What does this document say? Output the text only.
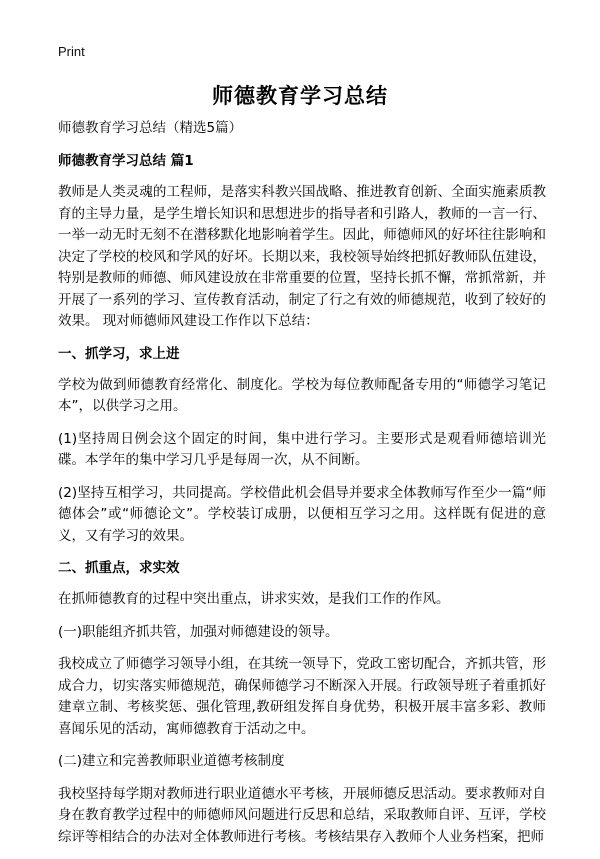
Print
师德教育学习总结
师德教育学习总结（精选5篇）
师德教育学习总结 篇1
教师是人类灵魂的工程师，是落实科教兴国战略、推进教育创新、全面实施素质教育的主导力量，是学生增长知识和思想进步的指导者和引路人，教师的一言一行、一举一动无时无刻不在潜移默化地影响着学生。因此，师德师风的好坏往往影响和决定了学校的校风和学风的好坏。长期以来，我校领导始终把抓好教师队伍建设，特别是教师的师德、师风建设放在非常重要的位置，坚持长抓不懈，常抓常新，并开展了一系列的学习、宣传教育活动，制定了行之有效的师德规范，收到了较好的效果。 现对师德师风建设工作作以下总结：
一、抓学习，求上进
学校为做到师德教育经常化、制度化。学校为每位教师配备专用的“师德学习笔记本”，以供学习之用。
(1)坚持周日例会这个固定的时间，集中进行学习。主要形式是观看师德培训光碟。本学年的集中学习几乎是每周一次，从不间断。
(2)坚持互相学习，共同提高。学校借此机会倡导并要求全体教师写作至少一篇“师德体会”或“师德论文”。学校装订成册，以便相互学习之用。这样既有促进的意义，又有学习的效果。
二、抓重点，求实效
在抓师德教育的过程中突出重点，讲求实效，是我们工作的作风。
(一)职能组齐抓共管，加强对师德建设的领导。
我校成立了师德学习领导小组，在其统一领导下，党政工密切配合，齐抓共管，形成合力，切实落实师德规范，确保师德学习不断深入开展。行政领导班子着重抓好建章立制、考核奖惩、强化管理,教研组发挥自身优势，积极开展丰富多彩、教师喜闻乐见的活动，寓师德教育于活动之中。
(二)建立和完善教师职业道德考核制度
我校坚持每学期对教师进行职业道德水平考核，开展师德反思活动。要求教师对自身在教育教学过程中的师德师风问题进行反思和总结，采取教师自评、互评，学校综评等相结合的办法对全体教师进行考核。考核结果存入教师个人业务档案，把师
